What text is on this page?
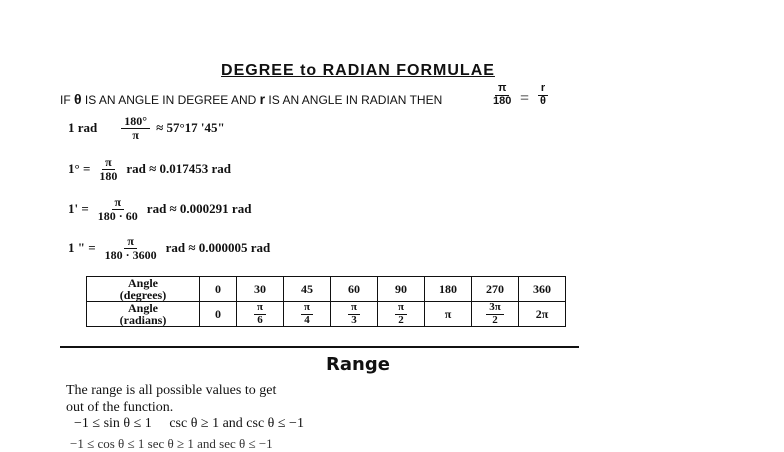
DEGREE to RADIAN FORMULAE
IF θ IS AN ANGLE IN DEGREE AND r IS AN ANGLE IN RADIAN THEN	$\frac{\pi}{180} = \frac{r}{\theta}$
1 rad $\frac{180^\circ}{\pi} \approx 57^\circ 17$ '45"
$1^\circ = \frac{\pi}{180}$ rad ≈ 0.017453 rad
$1' = \frac{\pi}{180 \cdot 60}$ rad ≈ 0.000291 rad
1 " = $\frac{\pi}{180 \cdot 3600}$ rad ≈ 0.000005 rad
Angle
(degrees)	0	30	45	60	90	180	270	360
Angle
(radians)	0	$\frac{\pi}{6}$	$\frac{\pi}{4}$	$\frac{\pi}{3}$	$\frac{\pi}{2}$	π	$\frac{3\pi}{2}$	2π
Range
The range is all possible values to get
out of the function.
−1 ≤ sin θ ≤ 1 csc θ ≥ 1 and csc θ ≤ −1
−1 ≤ cos θ ≤ 1 sec θ ≥ 1 and sec θ ≤ −1
